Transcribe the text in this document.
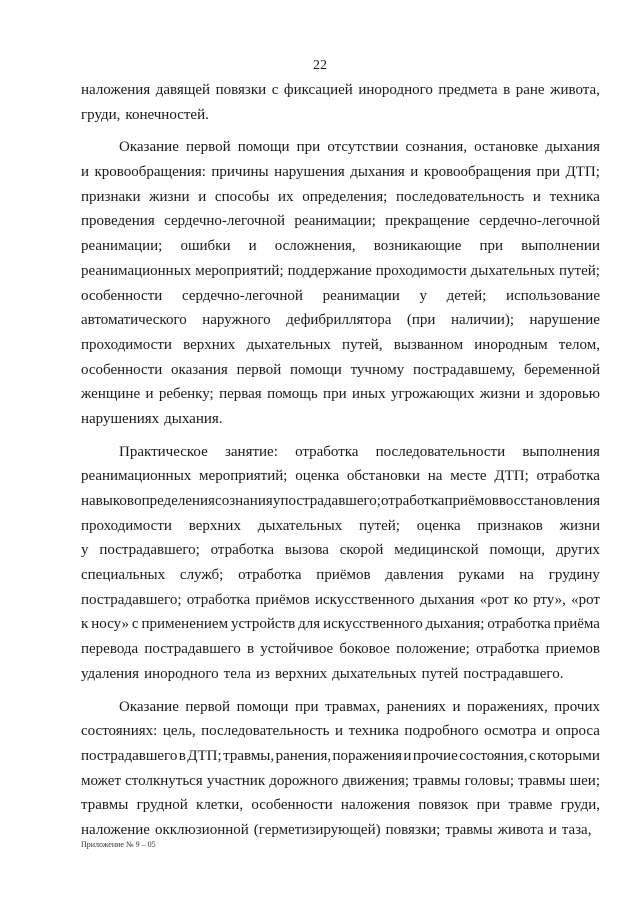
22
наложения давящей повязки с фиксацией инородного предмета в ране живота,
груди, конечностей.
Оказание первой помощи при отсутствии сознания, остановке дыхания
и кровообращения: причины нарушения дыхания и кровообращения при ДТП;
признаки жизни и способы их определения; последовательность и техника
проведения сердечно-легочной реанимации; прекращение сердечно-легочной
реанимации; ошибки и осложнения, возникающие при выполнении
реанимационных мероприятий; поддержание проходимости дыхательных путей;
особенности сердечно-легочной реанимации у детей; использование
автоматического наружного дефибриллятора (при наличии); нарушение
проходимости верхних дыхательных путей, вызванном инородным телом,
особенности оказания первой помощи тучному пострадавшему, беременной
женщине и ребенку; первая помощь при иных угрожающих жизни и здоровью
нарушениях дыхания.
Практическое занятие: отработка последовательности выполнения
реанимационных мероприятий; оценка обстановки на месте ДТП; отработка
навыков определения сознания у пострадавшего; отработка приёмов восстановления
проходимости верхних дыхательных путей; оценка признаков жизни
у пострадавшего; отработка вызова скорой медицинской помощи, других
специальных служб; отработка приёмов давления руками на грудину
пострадавшего; отработка приёмов искусственного дыхания «рот ко рту», «рот
к носу» с применением устройств для искусственного дыхания; отработка приёма
перевода пострадавшего в устойчивое боковое положение; отработка приемов
удаления инородного тела из верхних дыхательных путей пострадавшего.
Оказание первой помощи при травмах, ранениях и поражениях, прочих
состояниях: цель, последовательность и техника подробного осмотра и опроса
пострадавшего в ДТП; травмы, ранения, поражения и прочие состояния, с которыми
может столкнуться участник дорожного движения; травмы головы; травмы шеи;
травмы грудной клетки, особенности наложения повязок при травме груди,
наложение окклюзионной (герметизирующей) повязки; травмы живота и таза,
Приложение № 9 – 05
